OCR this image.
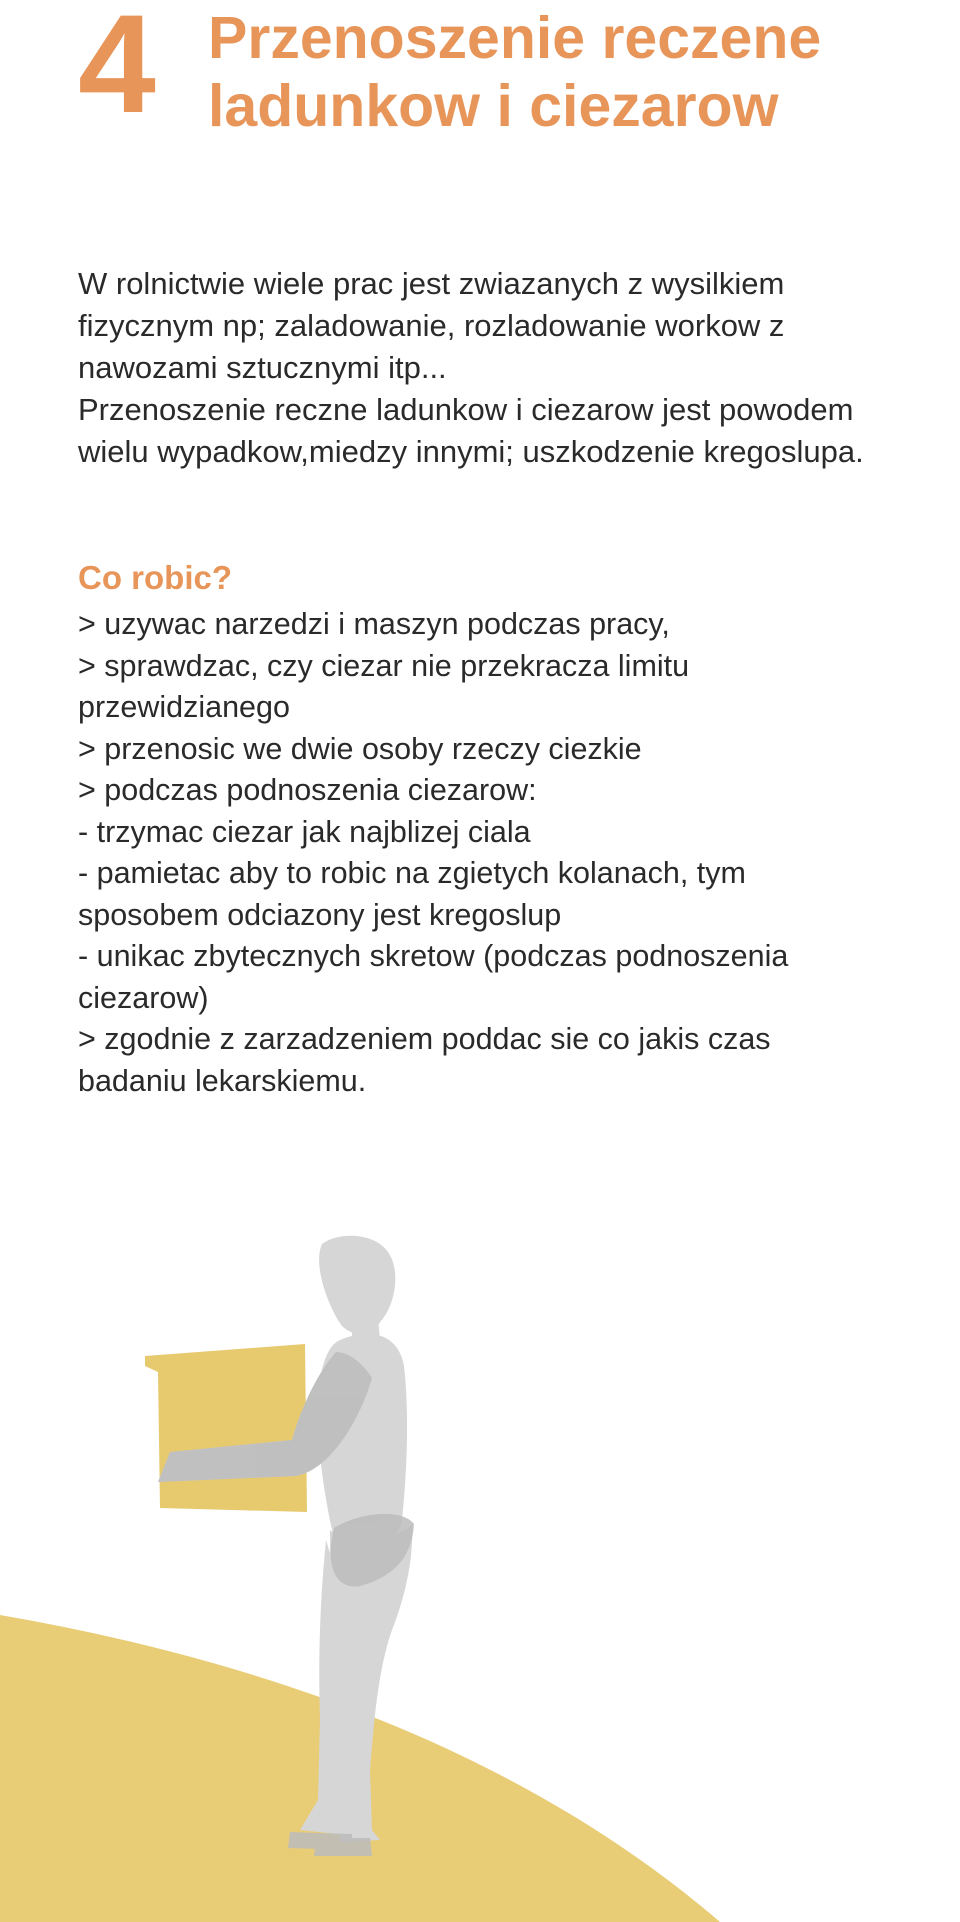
4 Przenoszenie reczene
ladunkow i ciezarow

W rolnictwie wiele prac jest zwiazanych z wysilkiem
fizycznym np; zaladowanie, rozladowanie workow z
nawozami sztucznymi itp...
Przenoszenie reczne ladunkow i ciezarow jest powodem
wielu wypadkow,miedzy innymi; uszkodzenie kregoslupa.

Co robic?
> uzywac narzedzi i maszyn podczas pracy,
> sprawdzac, czy ciezar nie przekracza limitu
przewidzianego
> przenosic we dwie osoby rzeczy ciezkie
> podczas podnoszenia ciezarow:
- trzymac ciezar jak najblizej ciala
- pamietac aby to robic na zgietych kolanach, tym
sposobem odciazony jest kregoslup
- unikac zbytecznych skretow (podczas podnoszenia
ciezarow)
> zgodnie z zarzadzeniem poddac sie co jakis czas
badaniu lekarskiemu.
